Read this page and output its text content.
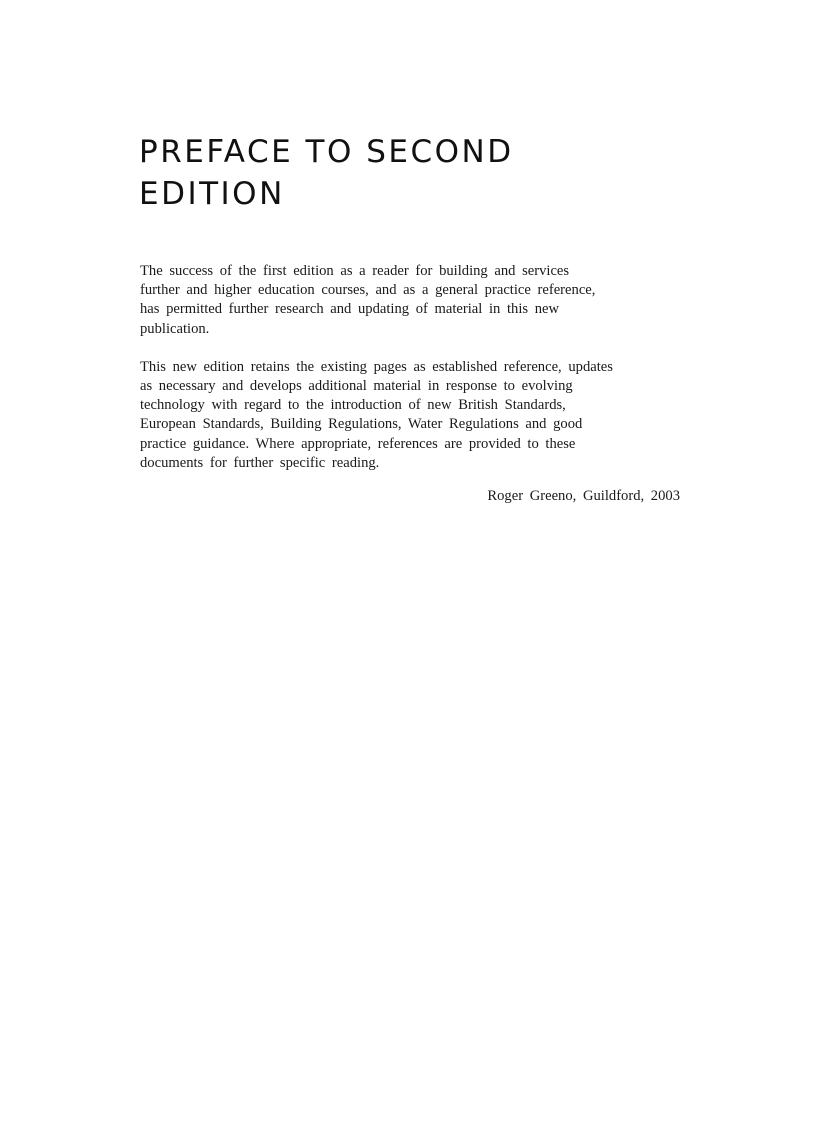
PREFACE TO SECOND
EDITION

The success of the first edition as a reader for building and services
further and higher education courses, and as a general practice reference,
has permitted further research and updating of material in this new
publication.

This new edition retains the existing pages as established reference, updates
as necessary and develops additional material in response to evolving
technology with regard to the introduction of new British Standards,
European Standards, Building Regulations, Water Regulations and good
practice guidance. Where appropriate, references are provided to these
documents for further specific reading.

Roger Greeno, Guildford, 2003
